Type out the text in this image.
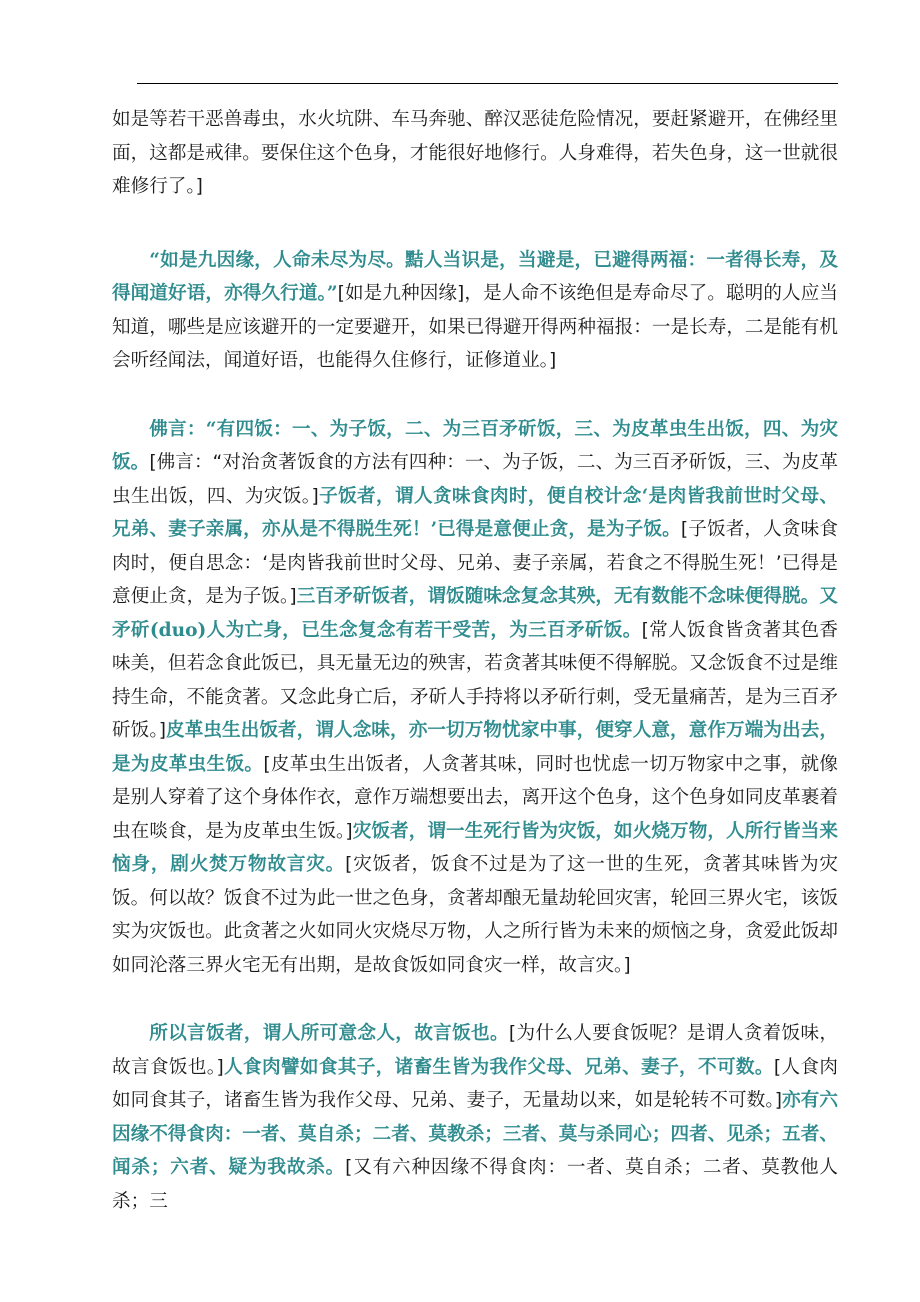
如是等若干恶兽毒虫，水火坑阱、车马奔驰、醉汉恶徒危险情况，要赶紧避开，在佛经里面，这都是戒律。要保住这个色身，才能很好地修行。人身难得，若失色身，这一世就很难修行了。]

“如是九因缘，人命未尽为尽。黠人当识是，当避是，已避得两福：一者得长寿，及得闻道好语，亦得久行道。”[如是九种因缘]，是人命不该绝但是寿命尽了。聪明的人应当知道，哪些是应该避开的一定要避开，如果已得避开得两种福报：一是长寿，二是能有机会听经闻法，闻道好语，也能得久住修行，证修道业。]

佛言：“有四饭：一、为子饭，二、为三百矛斫饭，三、为皮革虫生出饭，四、为灾饭。[佛言：“对治贪著饭食的方法有四种：一、为子饭，二、为三百矛斫饭，三、为皮革虫生出饭，四、为灾饭。]子饭者，谓人贪味食肉时，便自校计念‘是肉皆我前世时父母、兄弟、妻子亲属，亦从是不得脱生死！’已得是意便止贪，是为子饭。[子饭者，人贪味食肉时，便自思念：‘是肉皆我前世时父母、兄弟、妻子亲属，若食之不得脱生死！’已得是意便止贪，是为子饭。]三百矛斫饭者，谓饭随味念复念其殃，无有数能不念味便得脱。又矛斫(duo)人为亡身，已生念复念有若干受苦，为三百矛斫饭。[常人饭食皆贪著其色香味美，但若念食此饭已，具无量无边的殃害，若贪著其味便不得解脱。又念饭食不过是维持生命，不能贪著。又念此身亡后，矛斫人手持将以矛斫行刺，受无量痛苦，是为三百矛斫饭。]皮革虫生出饭者，谓人念味，亦一切万物忧家中事，便穿人意，意作万端为出去，是为皮革虫生饭。[皮革虫生出饭者，人贪著其味，同时也忧虑一切万物家中之事，就像是别人穿着了这个身体作衣，意作万端想要出去，离开这个色身，这个色身如同皮革裹着虫在啖食，是为皮革虫生饭。]灾饭者，谓一生死行皆为灾饭，如火烧万物，人所行皆当来恼身，剧火焚万物故言灾。[灾饭者，饭食不过是为了这一世的生死，贪著其味皆为灾饭。何以故？饭食不过为此一世之色身，贪著却酿无量劫轮回灾害，轮回三界火宅，该饭实为灾饭也。此贪著之火如同火灾烧尽万物，人之所行皆为未来的烦恼之身，贪爱此饭却如同沦落三界火宅无有出期，是故食饭如同食灾一样，故言灾。]

所以言饭者，谓人所可意念人，故言饭也。[为什么人要食饭呢？是谓人贪着饭味，故言食饭也。]人食肉譬如食其子，诸畜生皆为我作父母、兄弟、妻子，不可数。[人食肉如同食其子，诸畜生皆为我作父母、兄弟、妻子，无量劫以来，如是轮转不可数。]亦有六因缘不得食肉：一者、莫自杀；二者、莫教杀；三者、莫与杀同心；四者、见杀；五者、闻杀；六者、疑为我故杀。[又有六种因缘不得食肉：一者、莫自杀；二者、莫教他人杀；三
